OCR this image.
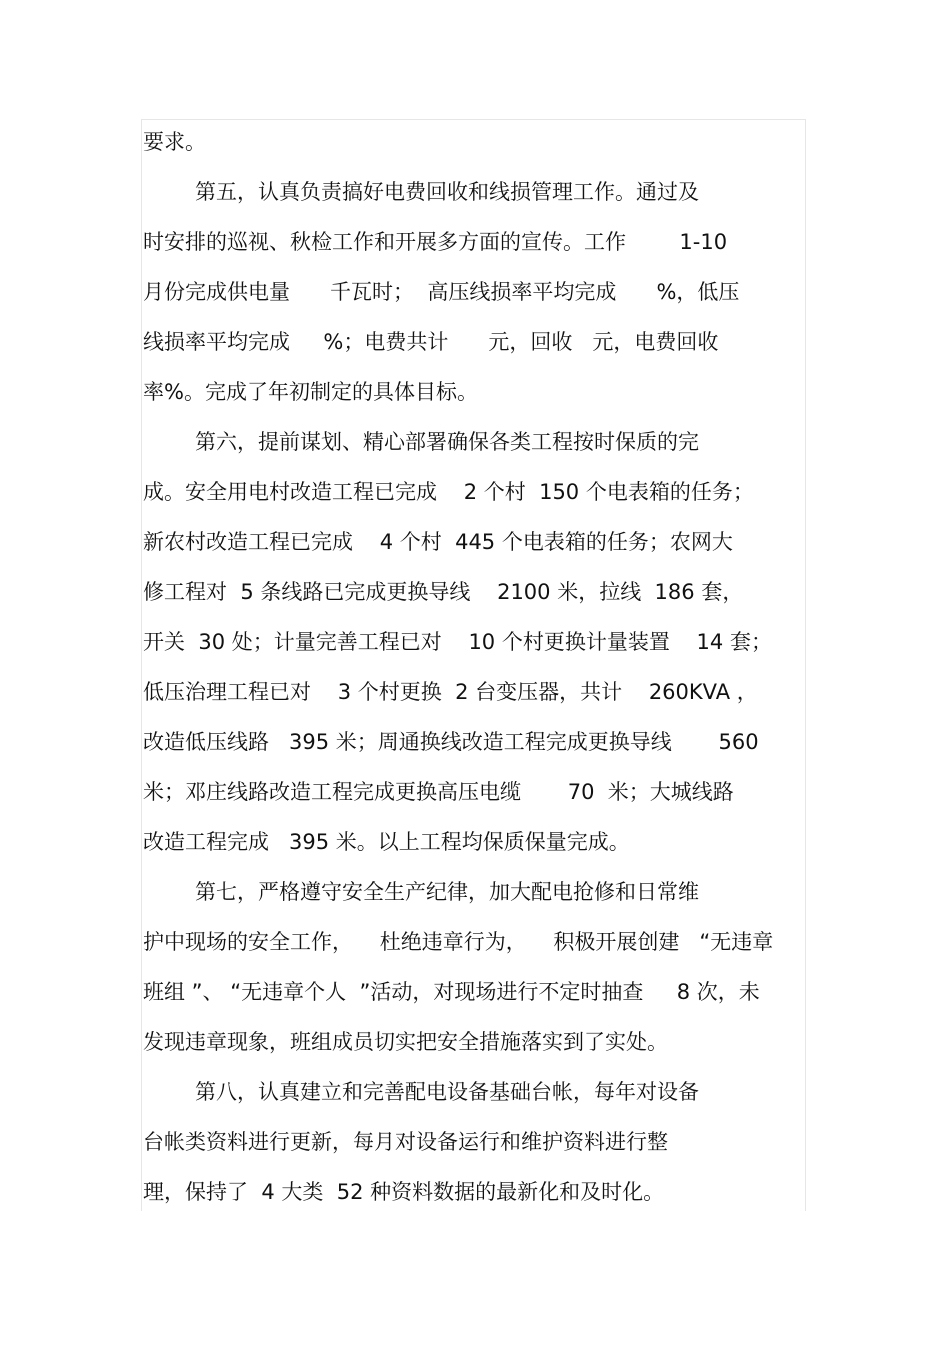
要求。
第五，认真负责搞好电费回收和线损管理工作。通过及
时安排的巡视、秋检工作和开展多方面的宣传。工作        1-10
月份完成供电量      千瓦时；  高压线损率平均完成      %，低压
线损率平均完成     %；电费共计      元，回收   元，电费回收
率%。完成了年初制定的具体目标。
第六，提前谋划、精心部署确保各类工程按时保质的完
成。安全用电村改造工程已完成    2 个村  150 个电表箱的任务；
新农村改造工程已完成    4 个村  445 个电表箱的任务；农网大
修工程对  5 条线路已完成更换导线    2100 米，拉线  186 套，
开关  30 处；计量完善工程已对    10 个村更换计量装置    14 套；
低压治理工程已对    3 个村更换  2 台变压器，共计    260KVA ，
改造低压线路   395 米；周通换线改造工程完成更换导线       560
米；邓庄线路改造工程完成更换高压电缆       70  米；大城线路
改造工程完成   395 米。以上工程均保质保量完成。
第七，严格遵守安全生产纪律，加大配电抢修和日常维
护中现场的安全工作，    杜绝违章行为，    积极开展创建   “无违章
班组 ”、 “无违章个人  ”活动，对现场进行不定时抽查     8 次，未
发现违章现象，班组成员切实把安全措施落实到了实处。
第八，认真建立和完善配电设备基础台帐，每年对设备
台帐类资料进行更新，每月对设备运行和维护资料进行整
理，保持了  4 大类  52 种资料数据的最新化和及时化。
